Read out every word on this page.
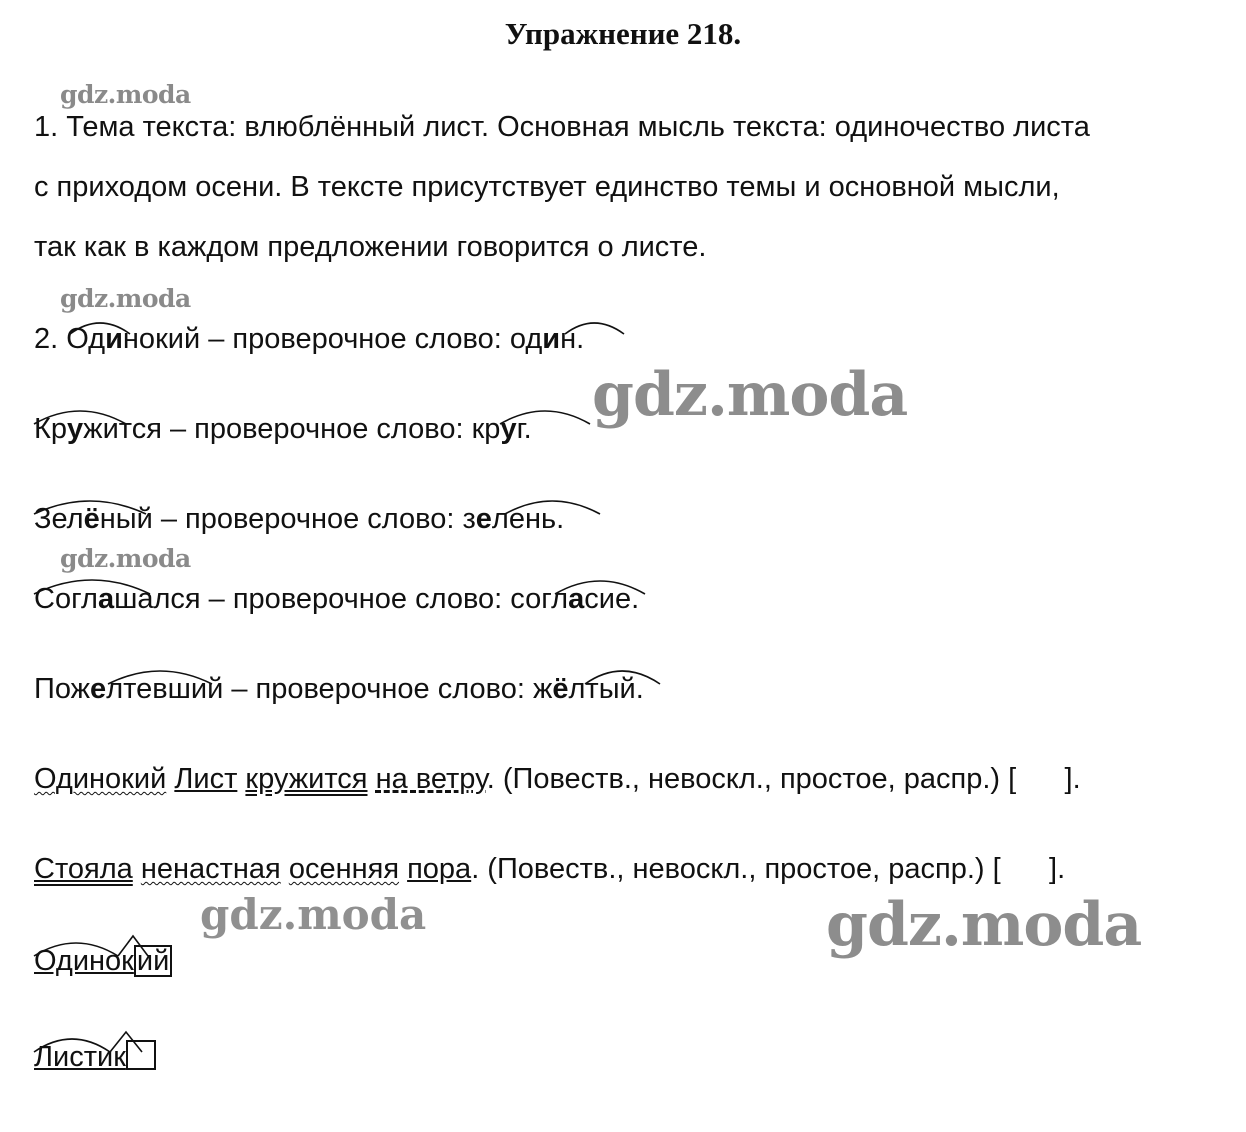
Упражнение 218.
gdz.moda
gdz.moda
gdz.moda
gdz.moda
gdz.moda	gdz.moda
1. Тема текста: влюблённый лист. Основная мысль текста: одиночество листа
с приходом осени. В тексте присутствует единство темы и основной мысли,
так как в каждом предложении говорится о листе.
2. Одинокий – проверочное слово: один.
Кружится – проверочное слово: круг.
Зелёный – проверочное слово: зелень.
Соглашался – проверочное слово: согласие.
Пожелтевший – проверочное слово: жёлтый.
Одинокий Лист кружится на ветру. (Повеств., невоскл., простое, распр.) [      ].
Стояла ненастная осенняя пора. (Повеств., невоскл., простое, распр.) [      ].
Одинок ий
Листик
